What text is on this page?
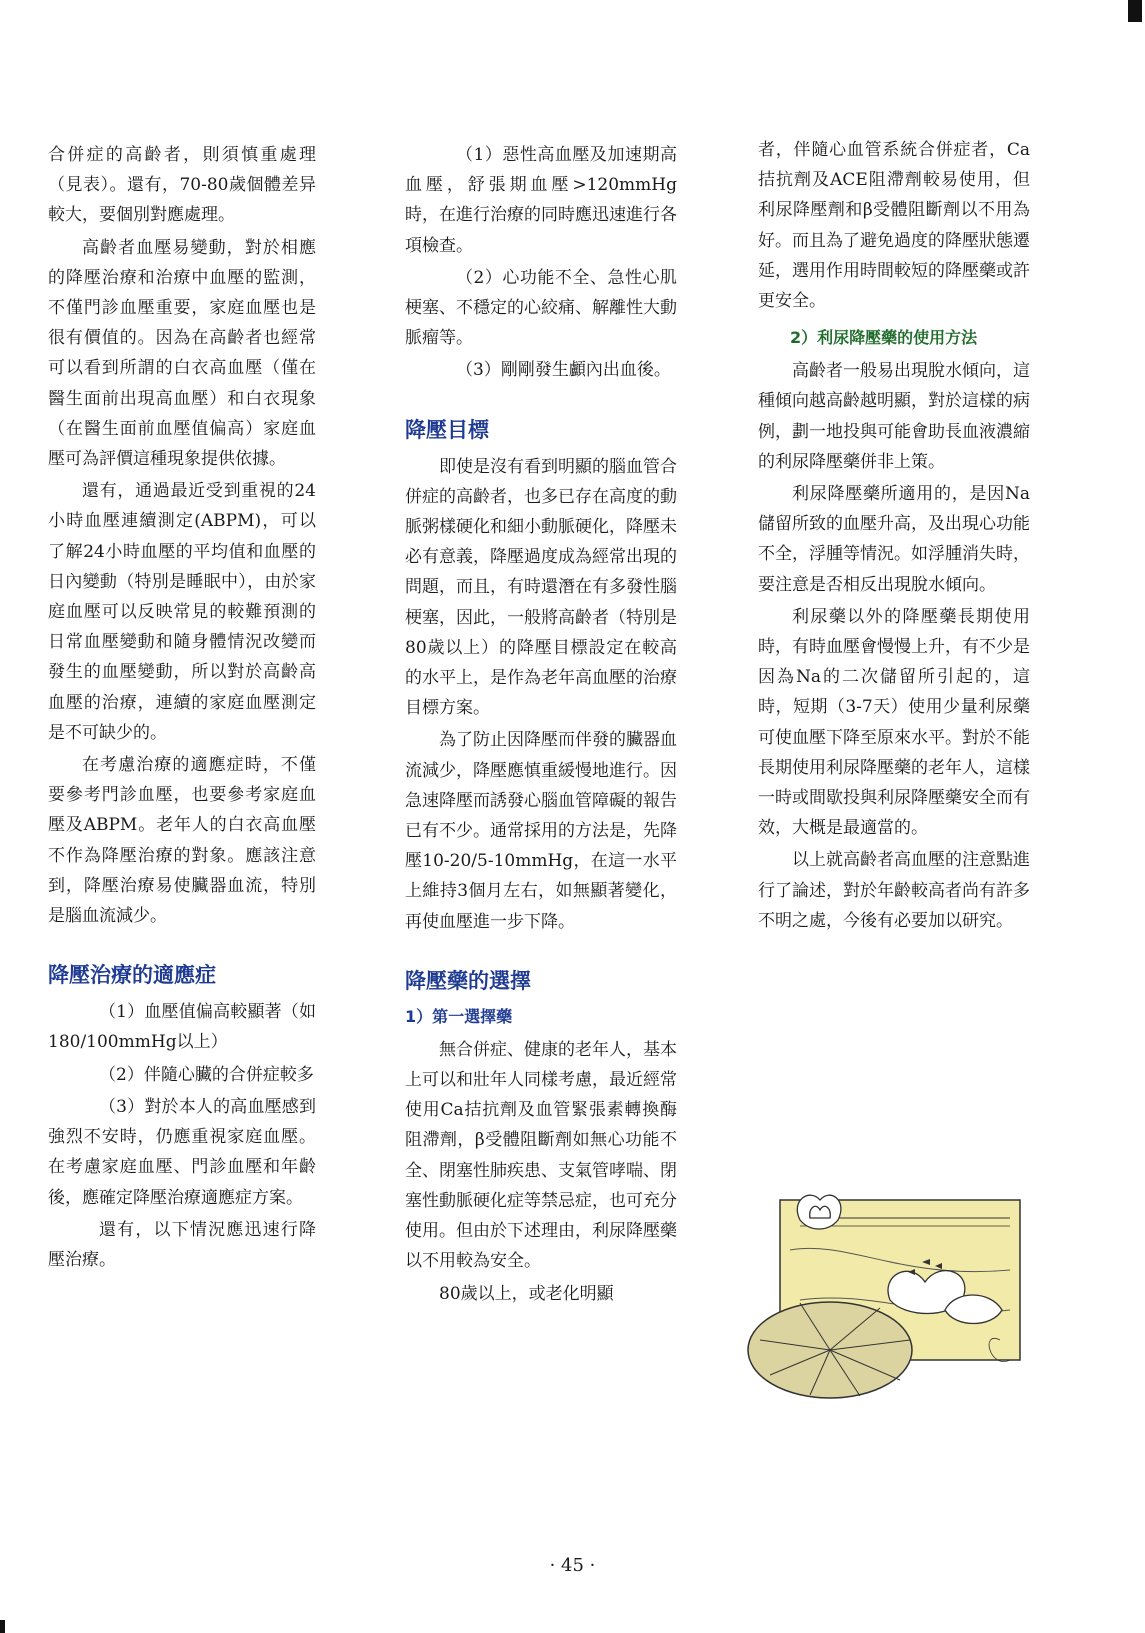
合併症的高齡者，則須慎重處理（見表）。還有，70-80歲個體差异較大，要個別對應處理。

高齡者血壓易變動，對於相應的降壓治療和治療中血壓的監測，不僅門診血壓重要，家庭血壓也是很有價值的。因為在高齡者也經常可以看到所謂的白衣高血壓（僅在醫生面前出現高血壓）和白衣現象（在醫生面前血壓值偏高）家庭血壓可為評價這種現象提供依據。

還有，通過最近受到重視的24小時血壓連續測定(ABPM)，可以了解24小時血壓的平均值和血壓的日內變動（特別是睡眠中），由於家庭血壓可以反映常見的較難預測的日常血壓變動和隨身體情況改變而發生的血壓變動，所以對於高齡高血壓的治療，連續的家庭血壓測定是不可缺少的。

在考慮治療的適應症時，不僅要參考門診血壓，也要參考家庭血壓及ABPM。老年人的白衣高血壓不作為降壓治療的對象。應該注意到，降壓治療易使臟器血流，特別是腦血流減少。

降壓治療的適應症

（1）血壓值偏高較顯著（如180/100mmHg以上）

（2）伴隨心臟的合併症較多

（3）對於本人的高血壓感到強烈不安時，仍應重視家庭血壓。在考慮家庭血壓、門診血壓和年齡後，應確定降壓治療適應症方案。

還有，以下情況應迅速行降壓治療。

（1）惡性高血壓及加速期高血壓，舒張期血壓>120mmHg時，在進行治療的同時應迅速進行各項檢查。

（2）心功能不全、急性心肌梗塞、不穩定的心絞痛、解離性大動脈瘤等。

（3）剛剛發生顱內出血後。

降壓目標

即使是沒有看到明顯的腦血管合併症的高齡者，也多已存在高度的動脈粥樣硬化和細小動脈硬化，降壓未必有意義，降壓過度成為經常出現的問題，而且，有時還潛在有多發性腦梗塞，因此，一般將高齡者（特別是80歲以上）的降壓目標設定在較高的水平上，是作為老年高血壓的治療目標方案。

為了防止因降壓而伴發的臟器血流減少，降壓應慎重緩慢地進行。因急速降壓而誘發心腦血管障礙的報告已有不少。通常採用的方法是，先降壓10-20/5-10mmHg，在這一水平上維持3個月左右，如無顯著變化，再使血壓進一步下降。

降壓藥的選擇
1）第一選擇藥

無合併症、健康的老年人，基本上可以和壯年人同樣考慮，最近經常使用Ca拮抗劑及血管緊張素轉換酶阻滯劑，β受體阻斷劑如無心功能不全、閉塞性肺疾患、支氣管哮喘、閉塞性動脈硬化症等禁忌症，也可充分使用。但由於下述理由，利尿降壓藥以不用較為安全。

80歲以上，或老化明顯

者，伴隨心血管系統合併症者，Ca拮抗劑及ACE阻滯劑較易使用，但利尿降壓劑和β受體阻斷劑以不用為好。而且為了避免過度的降壓狀態遷延，選用作用時間較短的降壓藥或許更安全。

2）利尿降壓藥的使用方法

高齡者一般易出現脫水傾向，這種傾向越高齡越明顯，對於這樣的病例，劃一地投與可能會助長血液濃縮的利尿降壓藥併非上策。

利尿降壓藥所適用的，是因Na儲留所致的血壓升高，及出現心功能不全，浮腫等情況。如浮腫消失時，要注意是否相反出現脫水傾向。

利尿藥以外的降壓藥長期使用時，有時血壓會慢慢上升，有不少是因為Na的二次儲留所引起的，這時，短期（3-7天）使用少量利尿藥可使血壓下降至原來水平。對於不能長期使用利尿降壓藥的老年人，這樣一時或間歇投與利尿降壓藥安全而有效，大概是最適當的。

以上就高齡者高血壓的注意點進行了論述，對於年齡較高者尚有許多不明之處，今後有必要加以研究。

· 45 ·
